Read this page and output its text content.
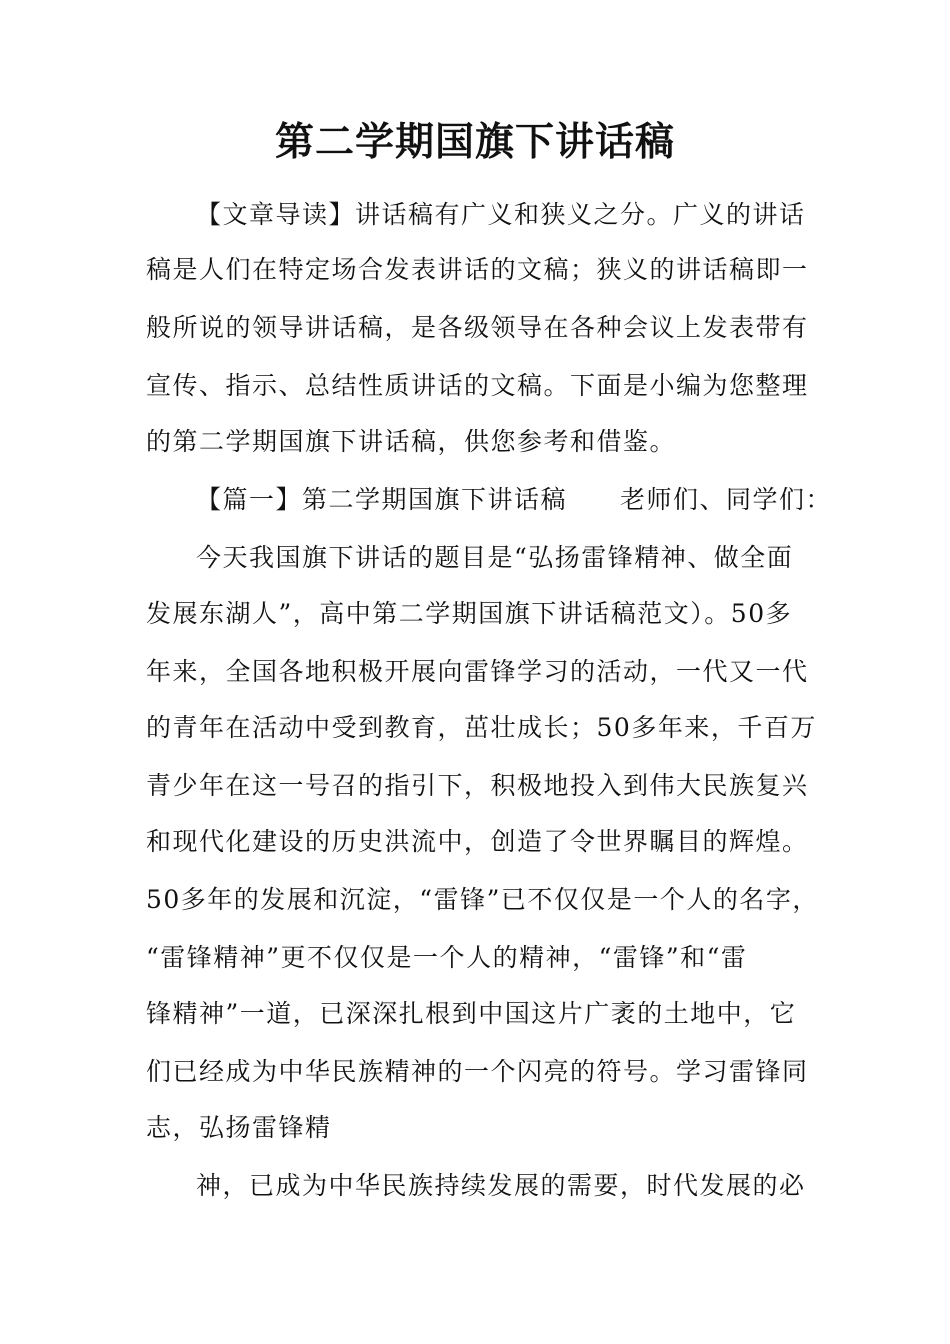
第二学期国旗下讲话稿
【文章导读】讲话稿有广义和狭义之分。广义的讲话
稿是人们在特定场合发表讲话的文稿；狭义的讲话稿即一
般所说的领导讲话稿，是各级领导在各种会议上发表带有
宣传、指示、总结性质讲话的文稿。下面是小编为您整理
的第二学期国旗下讲话稿，供您参考和借鉴。
【篇一】第二学期国旗下讲话稿　　老师们、同学们：
今天我国旗下讲话的题目是“弘扬雷锋精神、做全面
发展东湖人”，高中第二学期国旗下讲话稿范文）。50多
年来，全国各地积极开展向雷锋学习的活动，一代又一代
的青年在活动中受到教育，茁壮成长；50多年来，千百万
青少年在这一号召的指引下，积极地投入到伟大民族复兴
和现代化建设的历史洪流中，创造了令世界瞩目的辉煌。
50多年的发展和沉淀，“雷锋”已不仅仅是一个人的名字，
“雷锋精神”更不仅仅是一个人的精神，“雷锋”和“雷
锋精神”一道，已深深扎根到中国这片广袤的土地中，它
们已经成为中华民族精神的一个闪亮的符号。学习雷锋同
志，弘扬雷锋精
神，已成为中华民族持续发展的需要，时代发展的必
